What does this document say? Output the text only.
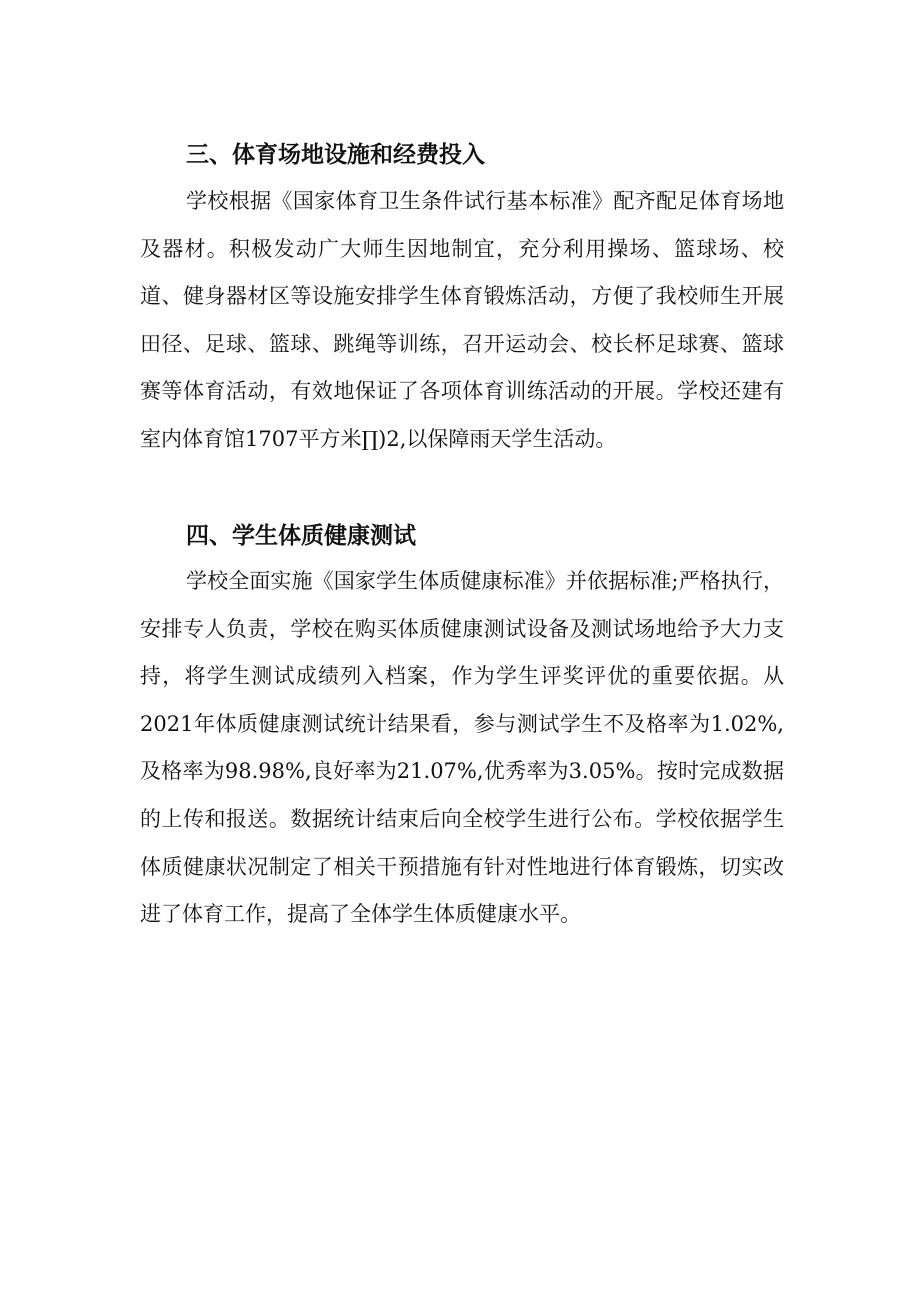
三、体育场地设施和经费投入

学校根据《国家体育卫生条件试行基本标准》配齐配足体育场地及器材。积极发动广大师生因地制宜，充分利用操场、篮球场、校道、健身器材区等设施安排学生体育锻炼活动，方便了我校师生开展田径、足球、篮球、跳绳等训练，召开运动会、校长杯足球赛、篮球赛等体育活动，有效地保证了各项体育训练活动的开展。学校还建有室内体育馆1707平方米∏)2,以保障雨天学生活动。

四、学生体质健康测试

学校全面实施《国家学生体质健康标准》并依据标准;严格执行，安排专人负责，学校在购买体质健康测试设备及测试场地给予大力支持，将学生测试成绩列入档案，作为学生评奖评优的重要依据。从2021年体质健康测试统计结果看，参与测试学生不及格率为1.02%,及格率为98.98%,良好率为21.07%,优秀率为3.05%。按时完成数据的上传和报送。数据统计结束后向全校学生进行公布。学校依据学生体质健康状况制定了相关干预措施有针对性地进行体育锻炼，切实改进了体育工作，提高了全体学生体质健康水平。
